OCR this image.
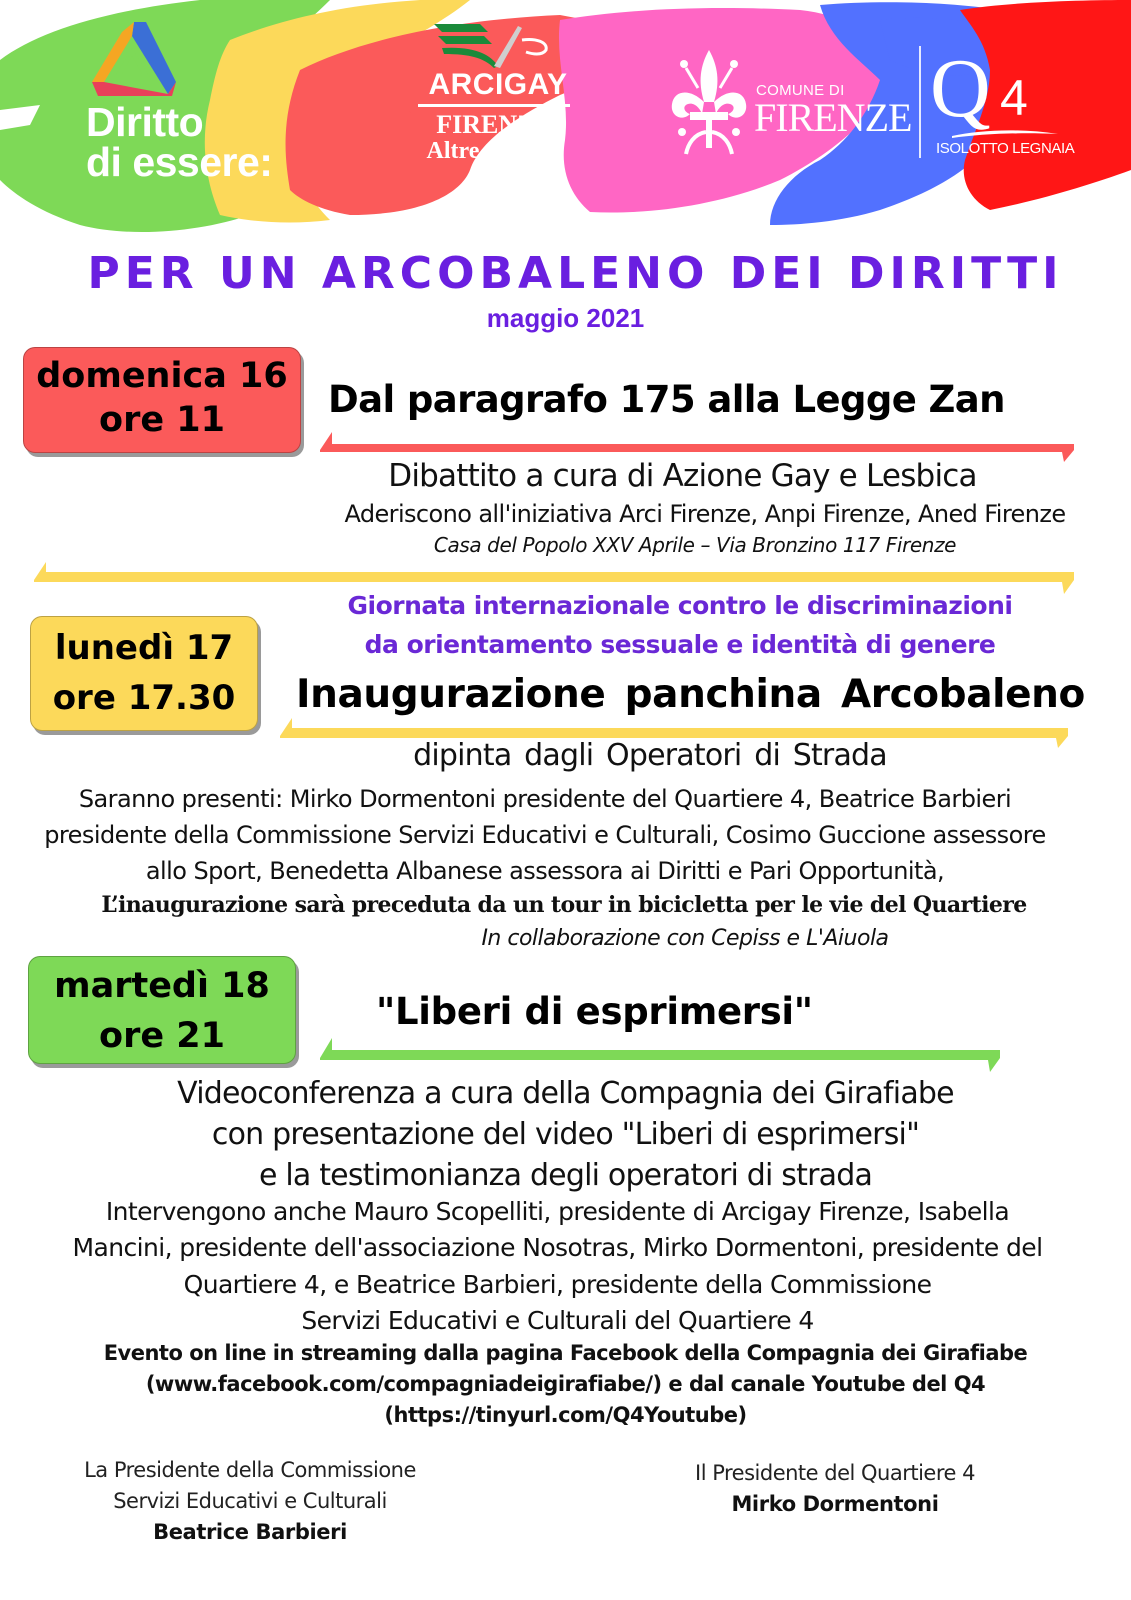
Diritto
di essere:
ARCIGAY
FIRENZE
Altre Sponde
COMUNE DI
FIRENZE Q 4
ISOLOTTO LEGNAIA
PER UN ARCOBALENO DEI DIRITTI
maggio 2021
domenica 16
ore 11	Dal paragrafo 175 alla Legge Zan
Dibattito a cura di Azione Gay e Lesbica
Aderiscono all'iniziativa Arci Firenze, Anpi Firenze, Aned Firenze
Casa del Popolo XXV Aprile – Via Bronzino 117 Firenze
Giornata internazionale contro le discriminazioni
da orientamento sessuale e identità di genere
lunedì 17
ore 17.30	Inaugurazione panchina Arcobaleno
dipinta dagli Operatori di Strada
Saranno presenti: Mirko Dormentoni presidente del Quartiere 4, Beatrice Barbieri
presidente della Commissione Servizi Educativi e Culturali, Cosimo Guccione assessore
allo Sport, Benedetta Albanese assessora ai Diritti e Pari Opportunità,
L’inaugurazione sarà preceduta da un tour in bicicletta per le vie del Quartiere
In collaborazione con Cepiss e L'Aiuola
martedì 18
ore 21
"Liberi di esprimersi"
Videoconferenza a cura della Compagnia dei Girafiabe
con presentazione del video "Liberi di esprimersi"
e la testimonianza degli operatori di strada
Intervengono anche Mauro Scopelliti, presidente di Arcigay Firenze, Isabella
Mancini, presidente dell'associazione Nosotras, Mirko Dormentoni, presidente del
Quartiere 4, e Beatrice Barbieri, presidente della Commissione
Servizi Educativi e Culturali del Quartiere 4
Evento on line in streaming dalla pagina Facebook della Compagnia dei Girafiabe
(www.facebook.com/compagniadeigirafiabe/) e dal canale Youtube del Q4
(https://tinyurl.com/Q4Youtube)
La Presidente della Commissione
Servizi Educativi e Culturali
Beatrice Barbieri
Il Presidente del Quartiere 4
Mirko Dormentoni
